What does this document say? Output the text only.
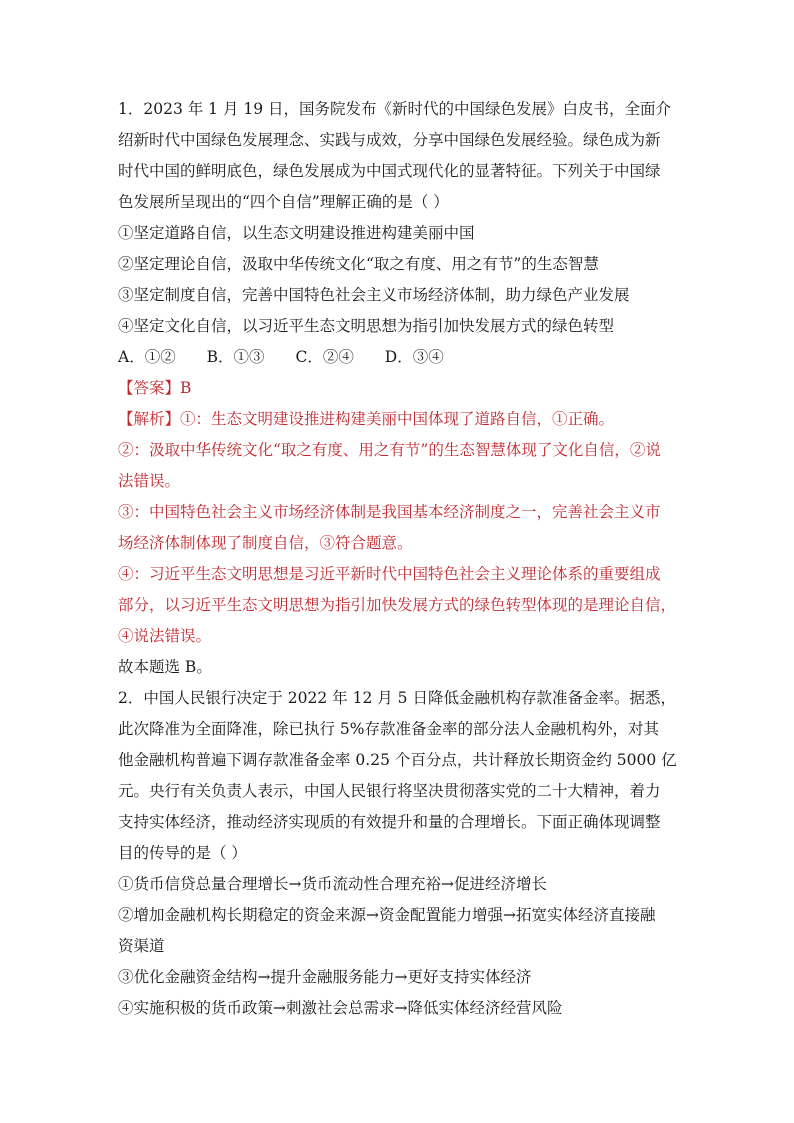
1．2023 年 1 月 19 日，国务院发布《新时代的中国绿色发展》白皮书，全面介
绍新时代中国绿色发展理念、实践与成效，分享中国绿色发展经验。绿色成为新
时代中国的鲜明底色，绿色发展成为中国式现代化的显著特征。下列关于中国绿
色发展所呈现出的“四个自信”理解正确的是（ ）
①坚定道路自信，以生态文明建设推进构建美丽中国
②坚定理论自信，汲取中华传统文化“取之有度、用之有节”的生态智慧
③坚定制度自信，完善中国特色社会主义市场经济体制，助力绿色产业发展
④坚定文化自信，以习近平生态文明思想为指引加快发展方式的绿色转型
A．①② B．①③ C．②④ D．③④
【答案】B
【解析】①：生态文明建设推进构建美丽中国体现了道路自信，①正确。
②：汲取中华传统文化“取之有度、用之有节”的生态智慧体现了文化自信，②说
法错误。
③：中国特色社会主义市场经济体制是我国基本经济制度之一，完善社会主义市
场经济体制体现了制度自信，③符合题意。
④：习近平生态文明思想是习近平新时代中国特色社会主义理论体系的重要组成
部分，以习近平生态文明思想为指引加快发展方式的绿色转型体现的是理论自信，
④说法错误。
故本题选 B。
2．中国人民银行决定于 2022 年 12 月 5 日降低金融机构存款准备金率。据悉，
此次降准为全面降准，除已执行 5%存款准备金率的部分法人金融机构外，对其
他金融机构普遍下调存款准备金率 0.25 个百分点，共计释放长期资金约 5000 亿
元。央行有关负责人表示，中国人民银行将坚决贯彻落实党的二十大精神，着力
支持实体经济，推动经济实现质的有效提升和量的合理增长。下面正确体现调整
目的传导的是（ ）
①货币信贷总量合理增长→货币流动性合理充裕→促进经济增长
②增加金融机构长期稳定的资金来源→资金配置能力增强→拓宽实体经济直接融
资渠道
③优化金融资金结构→提升金融服务能力→更好支持实体经济
④实施积极的货币政策→刺激社会总需求→降低实体经济经营风险
